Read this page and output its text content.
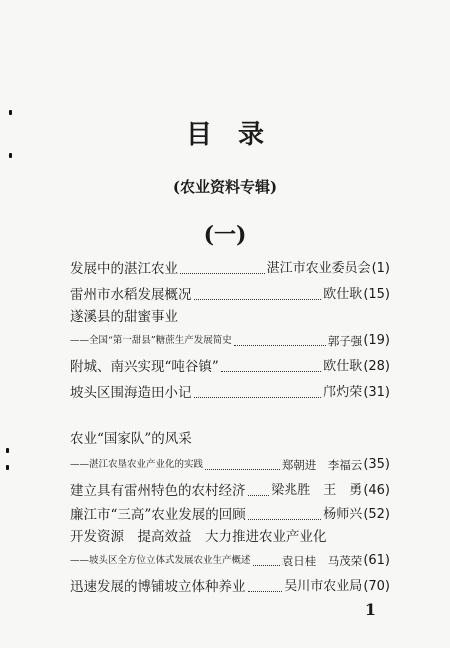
目录
(农业资料专辑)
(一)
发展中的湛江农业	湛江市农业委员会 (1)
雷州市水稻发展概况	欧仕耿 (15)
遂溪县的甜蜜事业
——全国“第一甜县”糖蔗生产发展简史	郭子强 (19)
附城、南兴实现“吨谷镇”	欧仕耿 (28)
坡头区围海造田小记	邝灼荣 (31)
农业“国家队”的风采
——湛江农垦农业产业化的实践	郑朝进　李福云 (35)
建立具有雷州特色的农村经济 梁兆胜　王　勇 (46)
廉江市“三高”农业发展的回顾	杨师兴 (52)
开发资源　提高效益　大力推进农业产业化
——坡头区全方位立体式发展农业生产概述	袁日桂　马茂荣 (61)
迅速发展的博铺坡立体种养业	吴川市农业局 (70)
1
